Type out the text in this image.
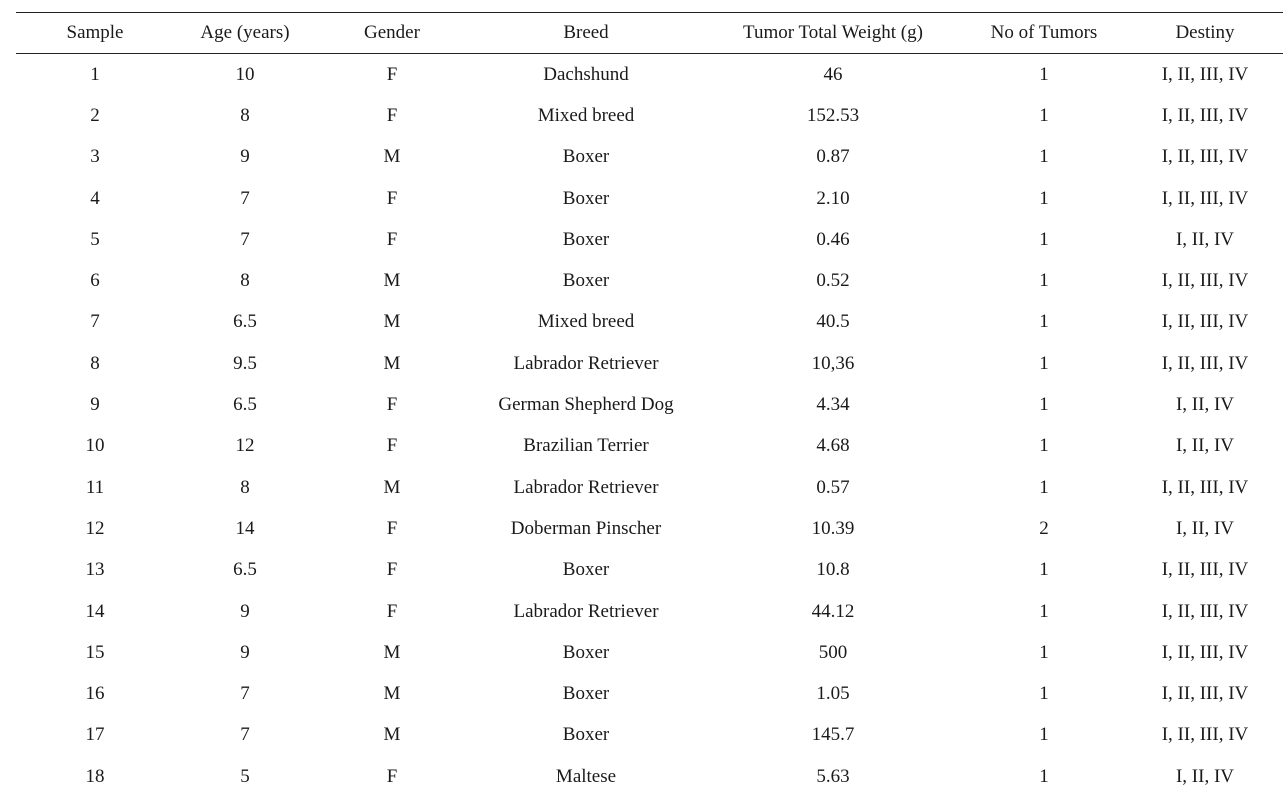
Sample	Age (years)	Gender	Breed	Tumor Total Weight (g)	No of Tumors	Destiny
1	10	F	Dachshund	46	1	I, II, III, IV
2	8	F	Mixed breed	152.53	1	I, II, III, IV
3	9	M	Boxer	0.87	1	I, II, III, IV
4	7	F	Boxer	2.10	1	I, II, III, IV
5	7	F	Boxer	0.46	1	I, II, IV
6	8	M	Boxer	0.52	1	I, II, III, IV
7	6.5	M	Mixed breed	40.5	1	I, II, III, IV
8	9.5	M	Labrador Retriever	10,36	1	I, II, III, IV
9	6.5	F	German Shepherd Dog	4.34	1	I, II, IV
10	12	F	Brazilian Terrier	4.68	1	I, II, IV
11	8	M	Labrador Retriever	0.57	1	I, II, III, IV
12	14	F	Doberman Pinscher	10.39	2	I, II, IV
13	6.5	F	Boxer	10.8	1	I, II, III, IV
14	9	F	Labrador Retriever	44.12	1	I, II, III, IV
15	9	M	Boxer	500	1	I, II, III, IV
16	7	M	Boxer	1.05	1	I, II, III, IV
17	7	M	Boxer	145.7	1	I, II, III, IV
18	5	F	Maltese	5.63	1	I, II, IV
